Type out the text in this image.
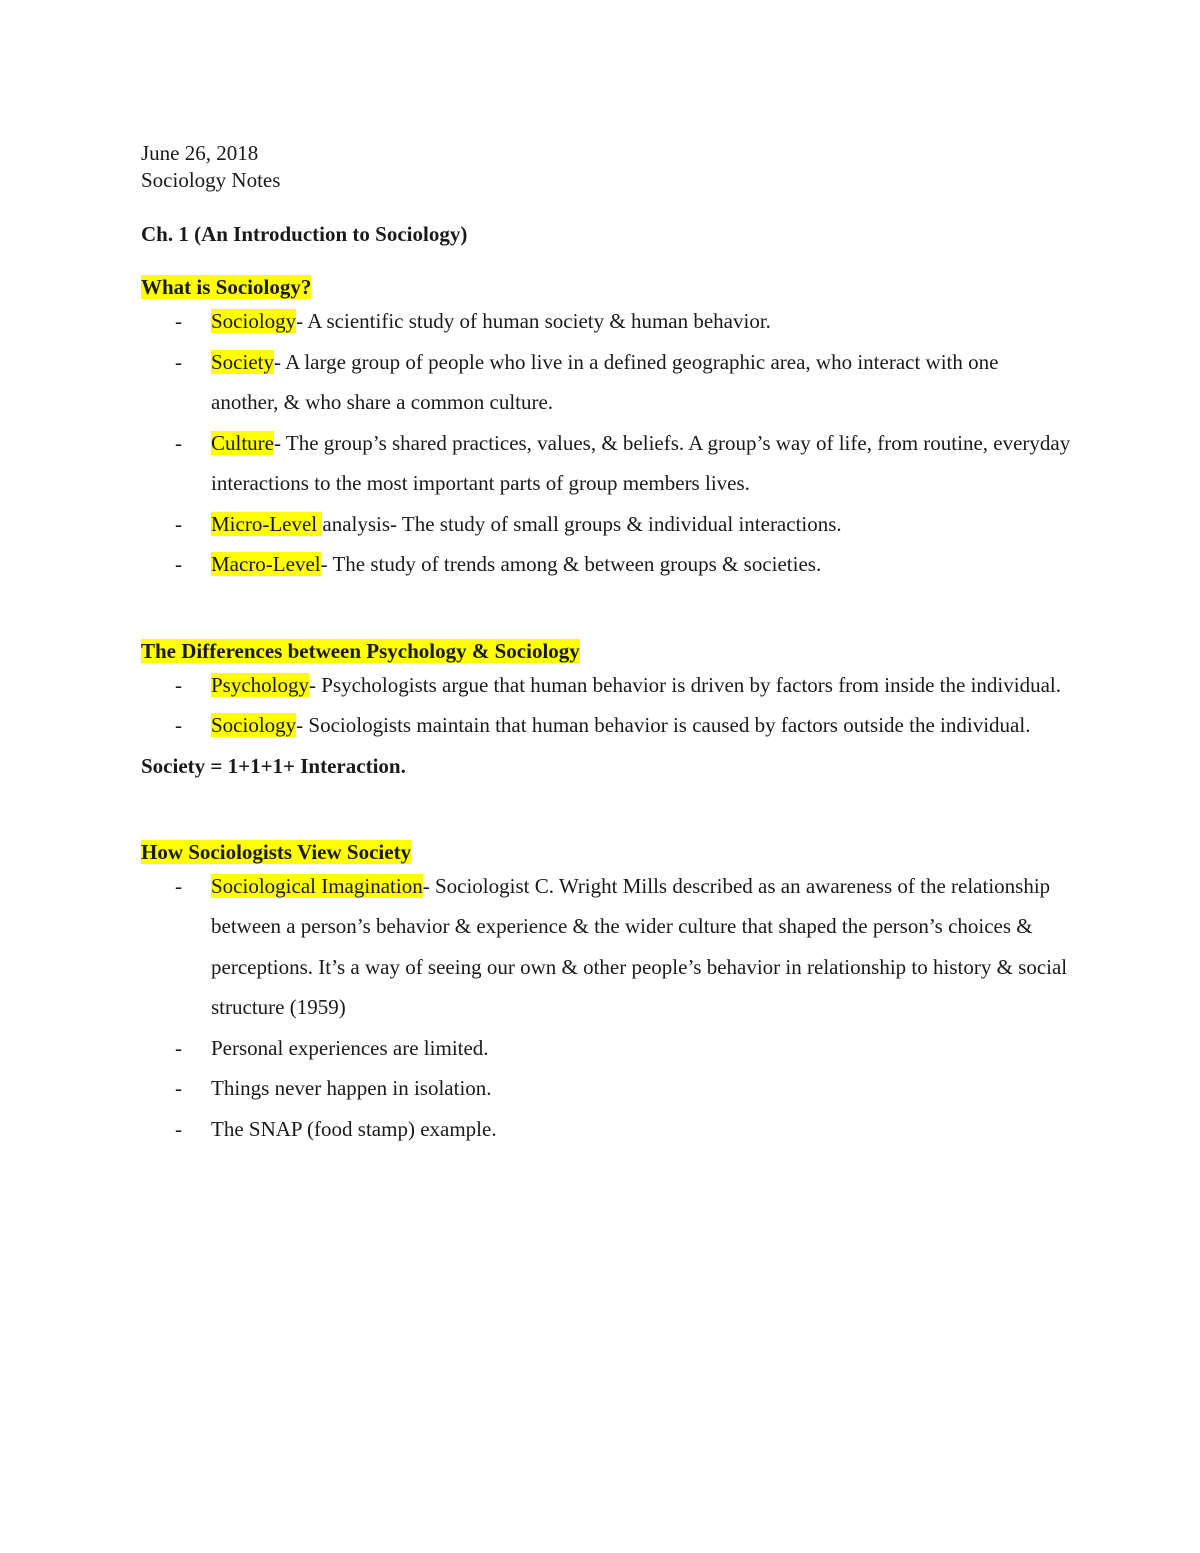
June 26, 2018

Sociology Notes

Ch. 1 (An Introduction to Sociology)

What is Sociology?

- Sociology- A scientific study of human society & human behavior.
- Society- A large group of people who live in a defined geographic area, who interact with one another, & who share a common culture.
- Culture- The group’s shared practices, values, & beliefs. A group’s way of life, from routine, everyday interactions to the most important parts of group members lives.
- Micro-Level analysis- The study of small groups & individual interactions.
- Macro-Level- The study of trends among & between groups & societies.

The Differences between Psychology & Sociology

- Psychology- Psychologists argue that human behavior is driven by factors from inside the individual.
- Sociology- Sociologists maintain that human behavior is caused by factors outside the individual.

Society = 1+1+1+ Interaction.

How Sociologists View Society

- Sociological Imagination- Sociologist C. Wright Mills described as an awareness of the relationship between a person’s behavior & experience & the wider culture that shaped the person’s choices & perceptions. It’s a way of seeing our own & other people’s behavior in relationship to history & social structure (1959)
- Personal experiences are limited.
- Things never happen in isolation.
- The SNAP (food stamp) example.
